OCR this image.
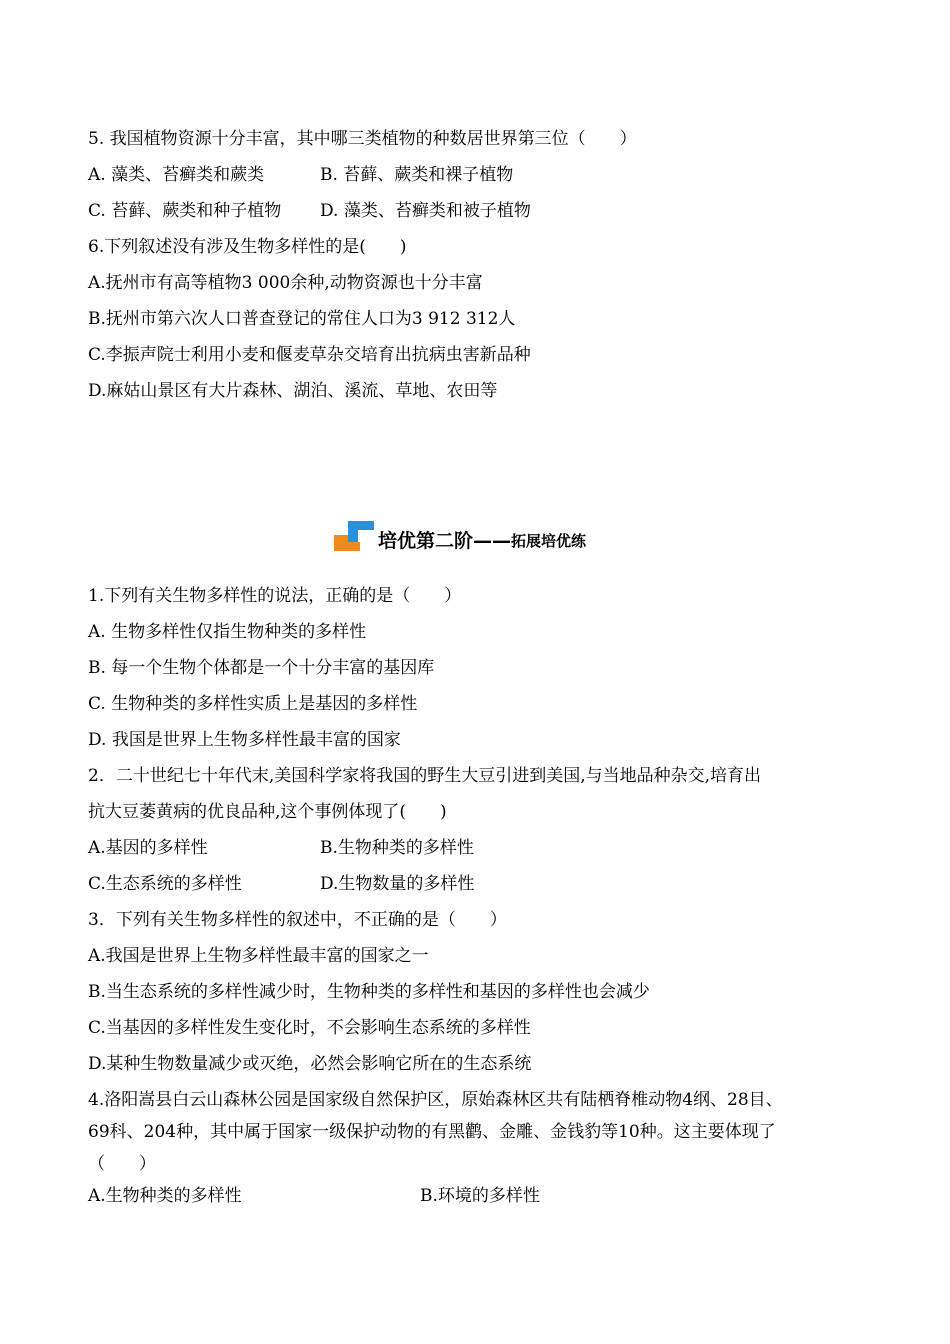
5. 我国植物资源十分丰富，其中哪三类植物的种数居世界第三位（　　）
A. 藻类、苔癣类和蕨类	B. 苔藓、蕨类和裸子植物
C. 苔藓、蕨类和种子植物 D. 藻类、苔癣类和被子植物
6.下列叙述没有涉及生物多样性的是(　　)
A.抚州市有高等植物3 000余种,动物资源也十分丰富
B.抚州市第六次人口普查登记的常住人口为3 912 312人
C.李振声院士利用小麦和偃麦草杂交培育出抗病虫害新品种
D.麻姑山景区有大片森林、湖泊、溪流、草地、农田等
培优第二阶—— 拓展培优练
1.下列有关生物多样性的说法，正确的是（　　）
A. 生物多样性仅指生物种类的多样性
B. 每一个生物个体都是一个十分丰富的基因库
C. 生物种类的多样性实质上是基因的多样性
D. 我国是世界上生物多样性最丰富的国家
2．二十世纪七十年代末,美国科学家将我国的野生大豆引进到美国,与当地品种杂交,培育出
抗大豆萎黄病的优良品种,这个事例体现了(　　)
A.基因的多样性	B.生物种类的多样性
C.生态系统的多样性	D.生物数量的多样性
3．下列有关生物多样性的叙述中，不正确的是（　　）
A.我国是世界上生物多样性最丰富的国家之一
B.当生态系统的多样性减少时，生物种类的多样性和基因的多样性也会减少
C.当基因的多样性发生变化时，不会影响生态系统的多样性
D.某种生物数量减少或灭绝，必然会影响它所在的生态系统
4.洛阳嵩县白云山森林公园是国家级自然保护区，原始森林区共有陆栖脊椎动物4纲、28目、
69科、204种，其中属于国家一级保护动物的有黑鹳、金雕、金钱豹等10种。这主要体现了
（　　）
A.生物种类的多样性	B.环境的多样性
